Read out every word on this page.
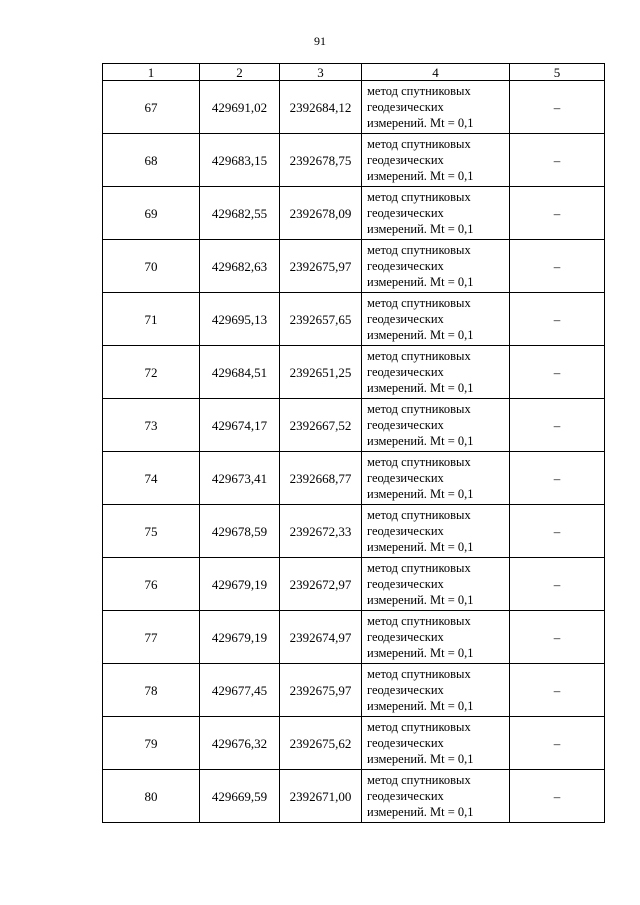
91
1	2	3	4	5
67	429691,02	2392684,12	метод спутниковых
геодезических
измерений. Mt = 0,1	–
68	429683,15	2392678,75	метод спутниковых
геодезических
измерений. Mt = 0,1	–
69	429682,55	2392678,09	метод спутниковых
геодезических
измерений. Mt = 0,1	–
70	429682,63	2392675,97	метод спутниковых
геодезических
измерений. Mt = 0,1	–
71	429695,13	2392657,65	метод спутниковых
геодезических
измерений. Mt = 0,1	–
72	429684,51	2392651,25	метод спутниковых
геодезических
измерений. Mt = 0,1	–
73	429674,17	2392667,52	метод спутниковых
геодезических
измерений. Mt = 0,1	–
74	429673,41	2392668,77	метод спутниковых
геодезических
измерений. Mt = 0,1	–
75	429678,59	2392672,33	метод спутниковых
геодезических
измерений. Mt = 0,1	–
76	429679,19	2392672,97	метод спутниковых
геодезических
измерений. Mt = 0,1	–
77	429679,19	2392674,97	метод спутниковых
геодезических
измерений. Mt = 0,1	–
78	429677,45	2392675,97	метод спутниковых
геодезических
измерений. Mt = 0,1	–
79	429676,32	2392675,62	метод спутниковых
геодезических
измерений. Mt = 0,1	–
80	429669,59	2392671,00	метод спутниковых
геодезических
измерений. Mt = 0,1	–
